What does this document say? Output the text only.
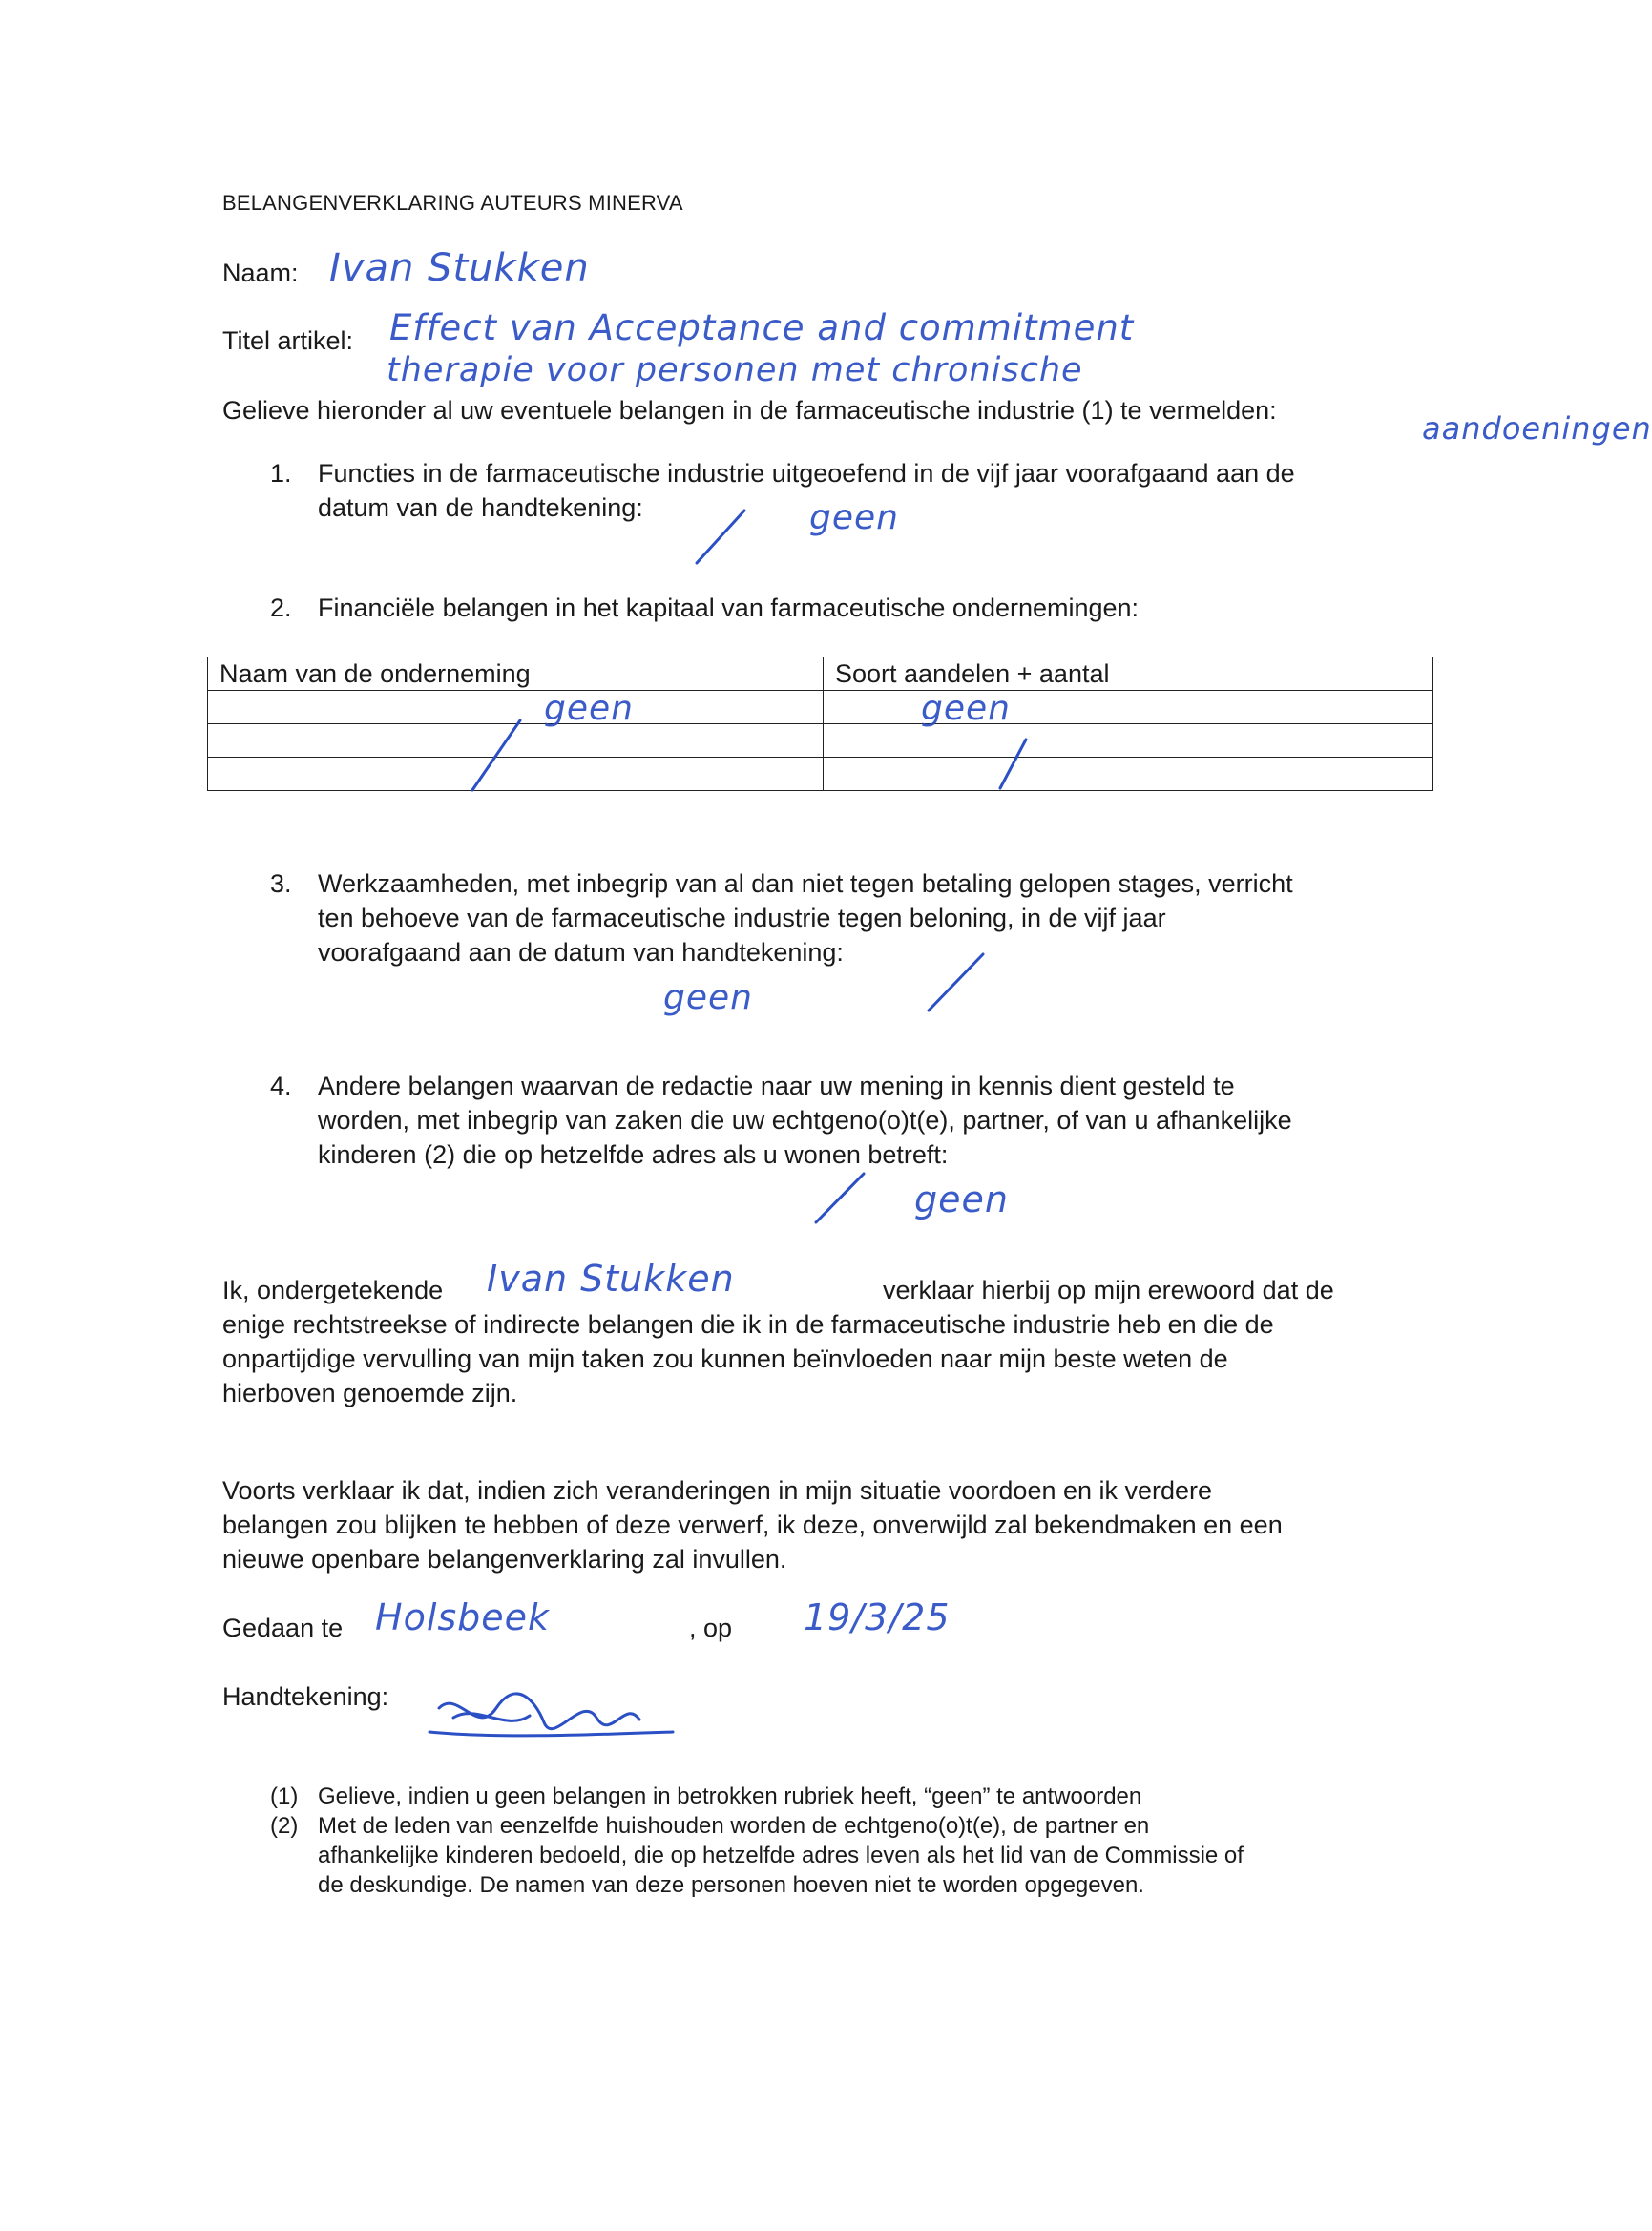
BELANGENVERKLARING AUTEURS MINERVA
Naam: Ivan Stukken
Titel artikel: Effect van Acceptance and commitment
therapie voor personen met chronische
aandoeningen
Gelieve hieronder al uw eventuele belangen in de farmaceutische industrie (1) te vermelden:
1. Functies in de farmaceutische industrie uitgeoefend in de vijf jaar voorafgaand aan de
datum van de handtekening:	geen
2. Financiële belangen in het kapitaal van farmaceutische ondernemingen:
Naam van de onderneming	Soort aandelen + aantal

geen	geen
3. Werkzaamheden, met inbegrip van al dan niet tegen betaling gelopen stages, verricht
ten behoeve van de farmaceutische industrie tegen beloning, in de vijf jaar
voorafgaand aan de datum van handtekening:
geen
4. Andere belangen waarvan de redactie naar uw mening in kennis dient gesteld te
worden, met inbegrip van zaken die uw echtgeno(o)t(e), partner, of van u afhankelijke
kinderen (2) die op hetzelfde adres als u wonen betreft:
geen
Ik, ondergetekende Ivan Stukken	verklaar hierbij op mijn erewoord dat de
enige rechtstreekse of indirecte belangen die ik in de farmaceutische industrie heb en die de
onpartijdige vervulling van mijn taken zou kunnen beïnvloeden naar mijn beste weten de
hierboven genoemde zijn.
Voorts verklaar ik dat, indien zich veranderingen in mijn situatie voordoen en ik verdere
belangen zou blijken te hebben of deze verwerf, ik deze, onverwijld zal bekendmaken en een
nieuwe openbare belangenverklaring zal invullen.
Gedaan te Holsbeek	, op 19/3/25
Handtekening:
(1) Gelieve, indien u geen belangen in betrokken rubriek heeft, “geen” te antwoorden
(2) Met de leden van eenzelfde huishouden worden de echtgeno(o)t(e), de partner en
afhankelijke kinderen bedoeld, die op hetzelfde adres leven als het lid van de Commissie of
de deskundige. De namen van deze personen hoeven niet te worden opgegeven.
